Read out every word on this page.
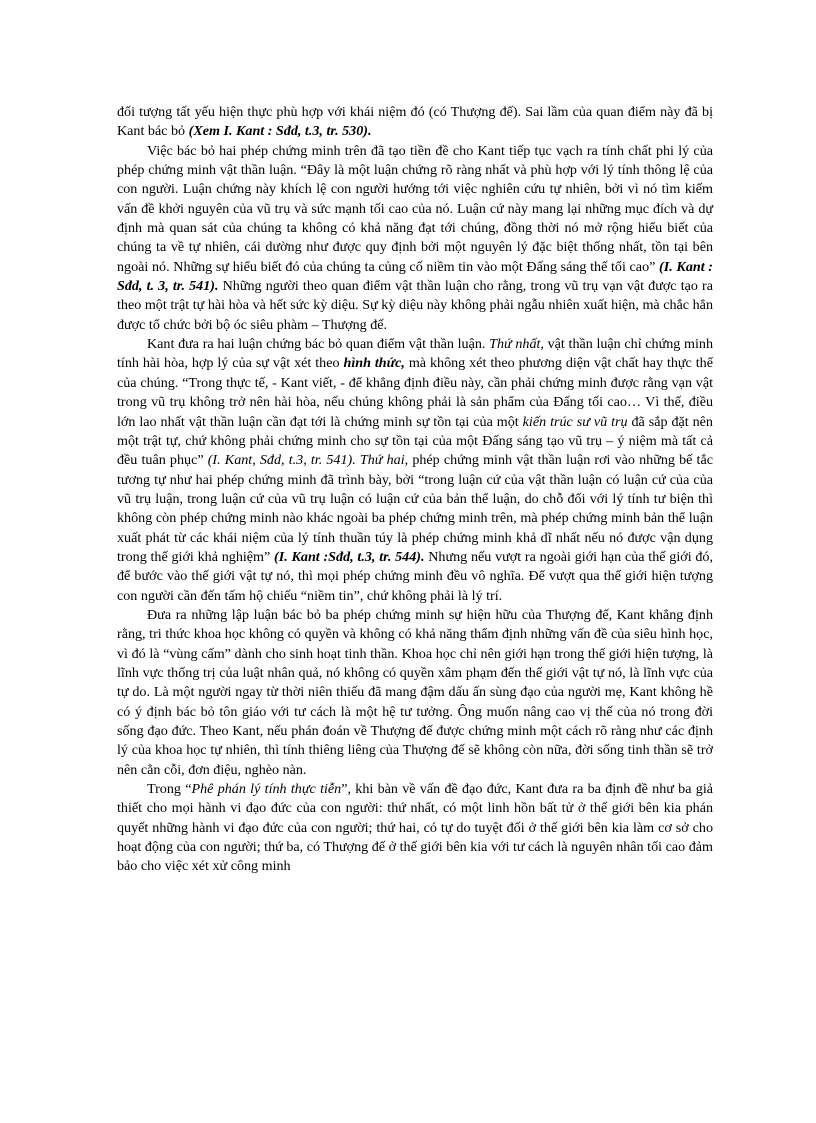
đối tượng tất yếu hiện thực phù hợp với khái niệm đó (có Thượng đế). Sai lầm của quan điểm này đã bị Kant bác bỏ (Xem I. Kant : Sđd, t.3, tr. 530).

Việc bác bỏ hai phép chứng minh trên đã tạo tiền đề cho Kant tiếp tục vạch ra tính chất phi lý của phép chứng minh vật thần luận. “Đây là một luận chứng rõ ràng nhất và phù hợp với lý tính thông lệ của con người. Luận chứng này khích lệ con người hướng tới việc nghiên cứu tự nhiên, bởi vì nó tìm kiếm vấn đề khởi nguyên của vũ trụ và sức mạnh tối cao của nó. Luận cứ này mang lại những mục đích và dự định mà quan sát của chúng ta không có khả năng đạt tới chúng, đồng thời nó mở rộng hiểu biết của chúng ta về tự nhiên, cái dường như được quy định bởi một nguyên lý đặc biệt thống nhất, tồn tại bên ngoài nó. Những sự hiểu biết đó của chúng ta củng cố niềm tin vào một Đấng sáng thế tối cao” (I. Kant : Sđd, t. 3, tr. 541). Những người theo quan điểm vật thần luận cho rằng, trong vũ trụ vạn vật được tạo ra theo một trật tự hài hòa và hết sức kỳ diệu. Sự kỳ diệu này không phải ngẫu nhiên xuất hiện, mà chắc hẳn được tổ chức bởi bộ óc siêu phàm – Thượng đế.

Kant đưa ra hai luận chứng bác bỏ quan điểm vật thần luận. Thứ nhất, vật thần luận chỉ chứng minh tính hài hòa, hợp lý của sự vật xét theo hình thức, mà không xét theo phương diện vật chất hay thực thể của chúng. “Trong thực tế, - Kant viết, - để khẳng định điều này, cần phải chứng minh được rằng vạn vật trong vũ trụ không trở nên hài hòa, nếu chúng không phải là sản phẩm của Đấng tối cao… Vì thế, điều lớn lao nhất vật thần luận cần đạt tới là chứng minh sự tồn tại của một kiến trúc sư vũ trụ đã sắp đặt nên một trật tự, chứ không phải chứng minh cho sự tồn tại của một Đấng sáng tạo vũ trụ – ý niệm mà tất cả đều tuân phục” (I. Kant, Sđd, t.3, tr. 541). Thứ hai, phép chứng minh vật thần luận rơi vào những bế tắc tương tự như hai phép chứng minh đã trình bày, bởi “trong luận cứ của vật thần luận có luận cứ của của vũ trụ luận, trong luận cứ của vũ trụ luận có luận cứ của bản thể luận, do chỗ đối với lý tính tư biện thì không còn phép chứng minh nào khác ngoài ba phép chứng minh trên, mà phép chứng minh bản thể luận xuất phát từ các khái niệm của lý tính thuần túy là phép chứng minh khả dĩ nhất nếu nó được vận dụng trong thế giới khả nghiệm” (I. Kant :Sđd, t.3, tr. 544). Nhưng nếu vượt ra ngoài giới hạn của thế giới đó, để bước vào thế giới vật tự nó, thì mọi phép chứng minh đều vô nghĩa. Để vượt qua thế giới hiện tượng con người cần đến tấm hộ chiếu “niềm tin”, chứ không phải là lý trí.

Đưa ra những lập luận bác bỏ ba phép chứng minh sự hiện hữu của Thượng đế, Kant khẳng định rằng, tri thức khoa học không có quyền và không có khả năng thẩm định những vấn đề của siêu hình học, vì đó là “vùng cấm” dành cho sinh hoạt tinh thần. Khoa học chỉ nên giới hạn trong thế giới hiện tượng, là lĩnh vực thống trị của luật nhân quả, nó không có quyền xâm phạm đến thế giới vật tự nó, là lĩnh vực của tự do. Là một người ngay từ thời niên thiếu đã mang đậm dấu ấn sùng đạo của người mẹ, Kant không hề có ý định bác bỏ tôn giáo với tư cách là một hệ tư tưởng. Ông muốn nâng cao vị thế của nó trong đời sống đạo đức. Theo Kant, nếu phán đoán về Thượng đế được chứng minh một cách rõ ràng như các định lý của khoa học tự nhiên, thì tính thiêng liêng của Thượng đế sẽ không còn nữa, đời sống tinh thần sẽ trở nên cằn cỗi, đơn điệu, nghèo nàn.

Trong “Phê phán lý tính thực tiễn”, khi bàn về vấn đề đạo đức, Kant đưa ra ba định đề như ba giả thiết cho mọi hành vi đạo đức của con người: thứ nhất, có một linh hồn bất tử ở thế giới bên kia phán quyết những hành vi đạo đức của con người; thứ hai, có tự do tuyệt đối ở thế giới bên kia làm cơ sở cho hoạt động của con người; thứ ba, có Thượng đế ở thế giới bên kia với tư cách là nguyên nhân tối cao đảm bảo cho việc xét xử công minh
